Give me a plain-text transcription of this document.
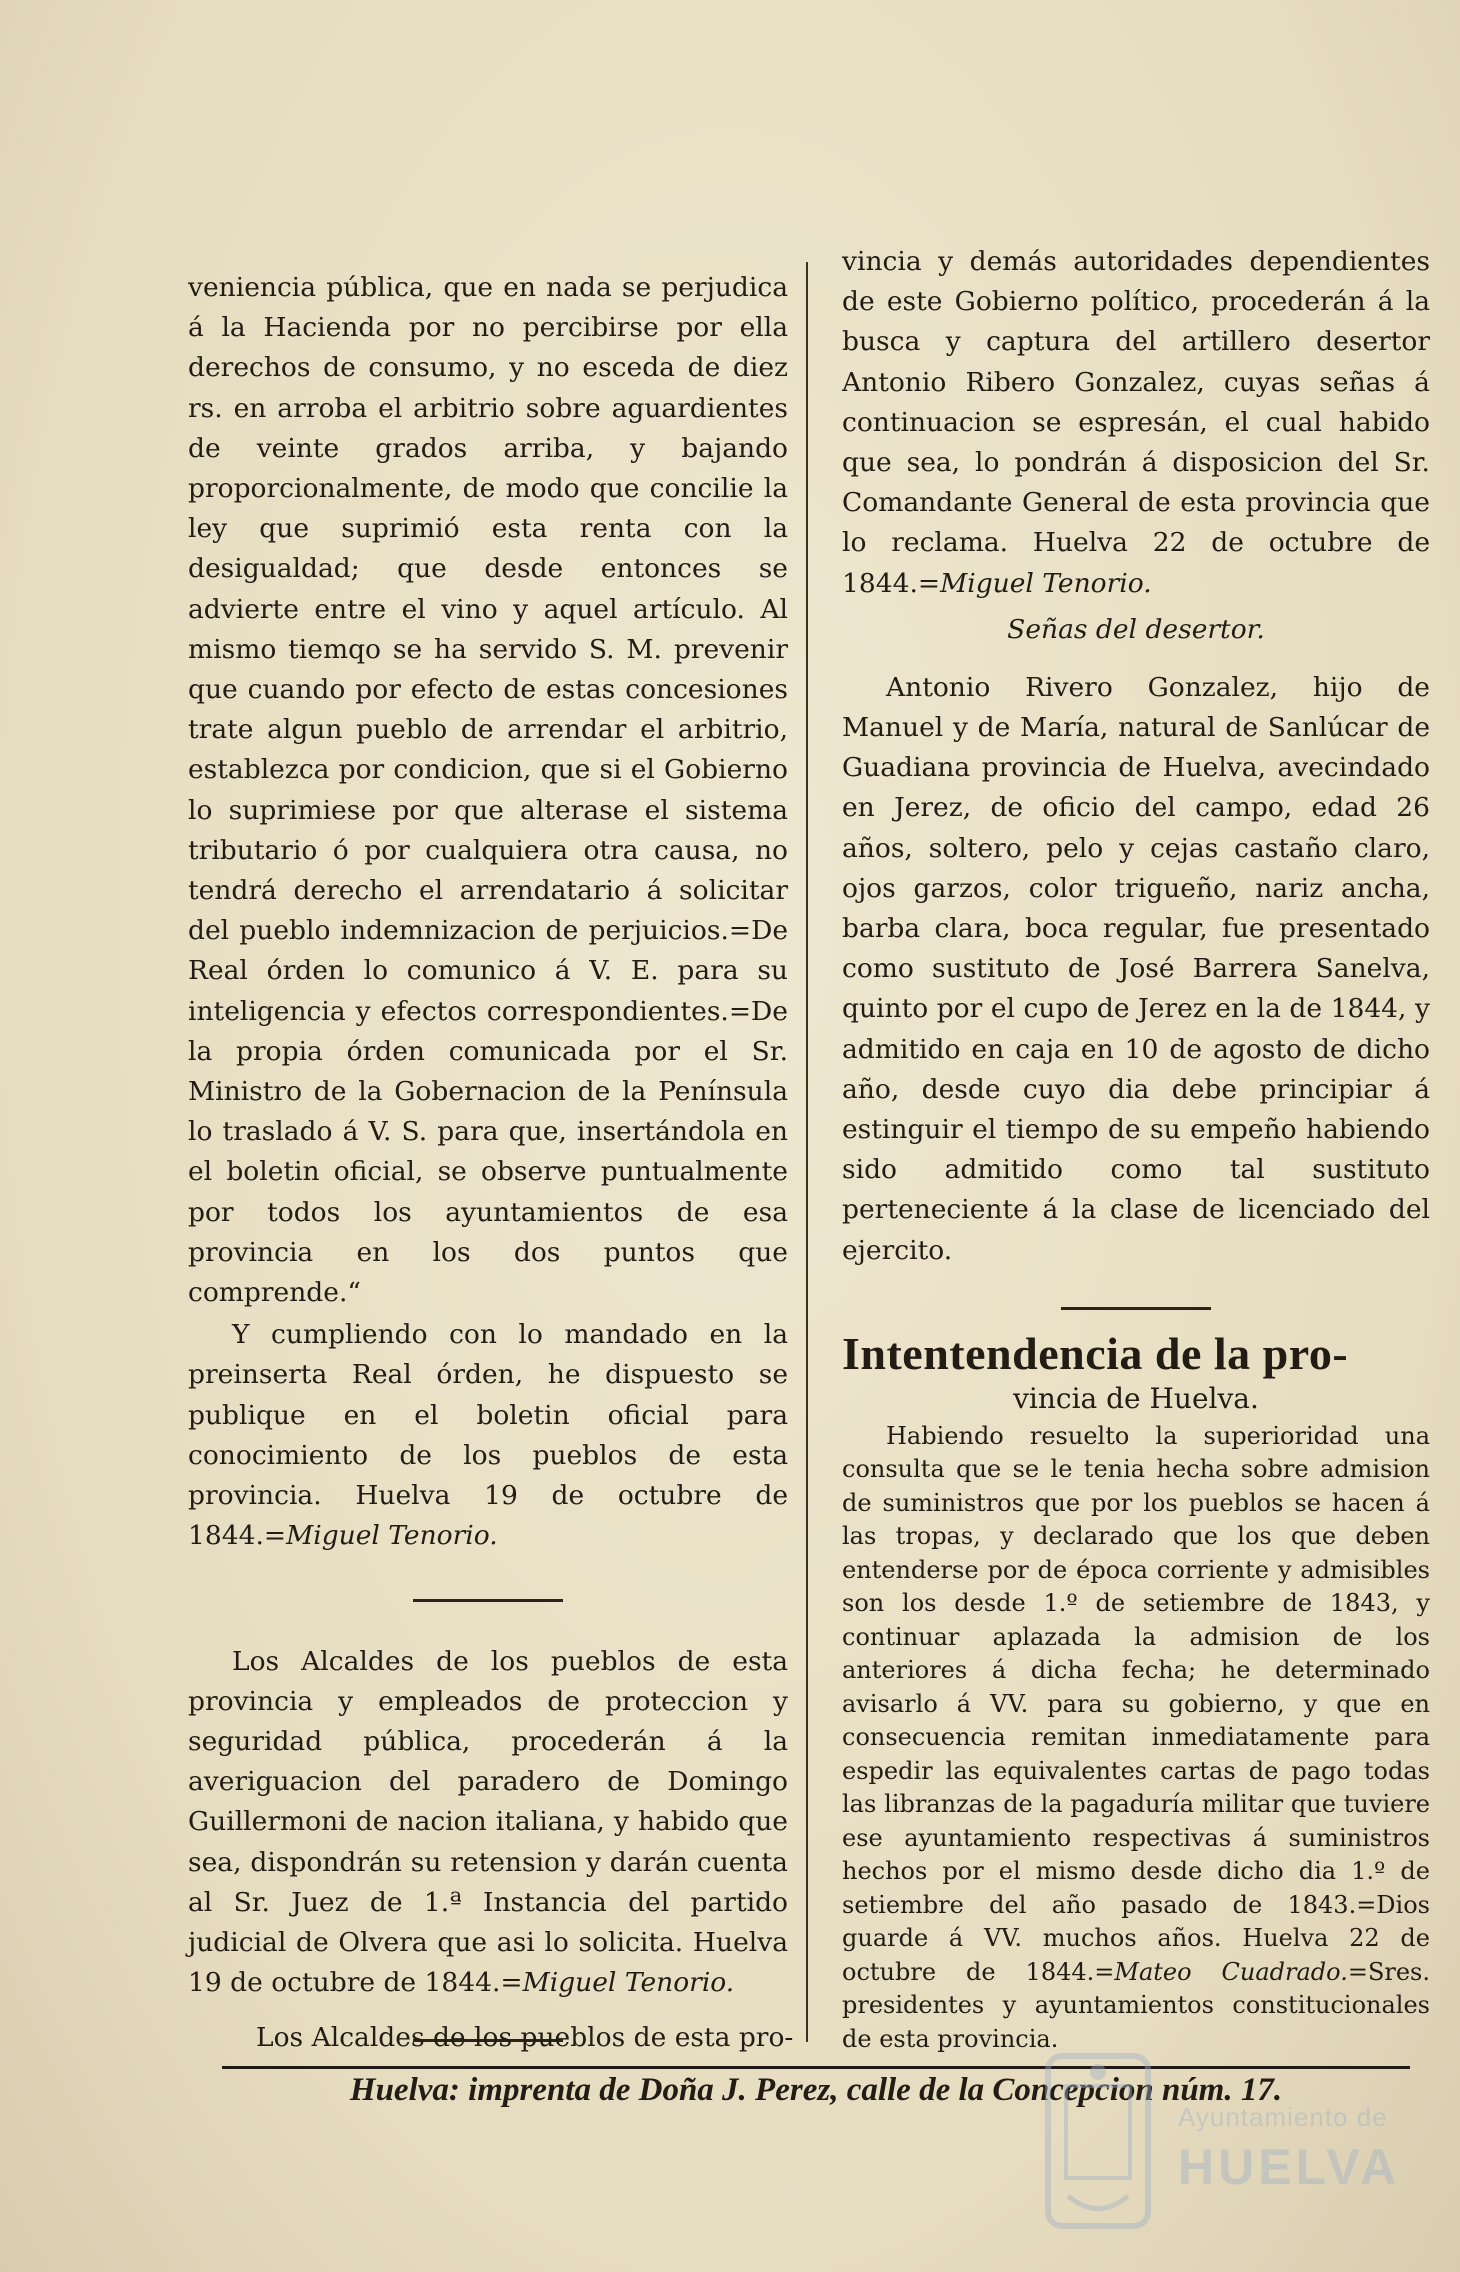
veniencia pública, que en nada se perjudica á la Hacienda por no percibirse por ella derechos de consumo, y no esceda de diez rs. en arroba el arbitrio sobre aguardientes de veinte grados arriba, y bajando proporcionalmente, de modo que concilie la ley que suprimió esta renta con la desigualdad; que desde entonces se advierte entre el vino y aquel artículo. Al mismo tiemqo se ha servido S. M. prevenir que cuando por efecto de estas concesiones trate algun pueblo de arrendar el arbitrio, establezca por condicion, que si el Gobierno lo suprimiese por que alterase el sistema tributario ó por cualquiera otra causa, no tendrá derecho el arrendatario á solicitar del pueblo indemnizacion de perjuicios.=De Real órden lo comunico á V. E. para su inteligencia y efectos correspondientes.=De la propia órden comunicada por el Sr. Ministro de la Gobernacion de la Península lo traslado á V. S. para que, insertándola en el boletin oficial, se observe puntualmente por todos los ayuntamientos de esa provincia en los dos puntos que comprende.“

Y cumpliendo con lo mandado en la preinserta Real órden, he dispuesto se publique en el boletin oficial para conocimiento de los pueblos de esta provincia. Huelva 19 de octubre de 1844.=Miguel Tenorio.

Los Alcaldes de los pueblos de esta provincia y empleados de proteccion y seguridad pública, procederán á la averiguacion del paradero de Domingo Guillermoni de nacion italiana, y habido que sea, dispondrán su retension y darán cuenta al Sr. Juez de 1.ª Instancia del partido judicial de Olvera que asi lo solicita. Huelva 19 de octubre de 1844.=Miguel Tenorio.

Los Alcaldes de los pueblos de esta pro-

vincia y demás autoridades dependientes de este Gobierno político, procederán á la busca y captura del artillero desertor Antonio Ribero Gonzalez, cuyas señas á continuacion se espresán, el cual habido que sea, lo pondrán á disposicion del Sr. Comandante General de esta provincia que lo reclama. Huelva 22 de octubre de 1844.=Miguel Tenorio.

Señas del desertor.

Antonio Rivero Gonzalez, hijo de Manuel y de María, natural de Sanlúcar de Guadiana provincia de Huelva, avecindado en Jerez, de oficio del campo, edad 26 años, soltero, pelo y cejas castaño claro, ojos garzos, color trigueño, nariz ancha, barba clara, boca regular, fue presentado como sustituto de José Barrera Sanelva, quinto por el cupo de Jerez en la de 1844, y admitido en caja en 10 de agosto de dicho año, desde cuyo dia debe principiar á estinguir el tiempo de su empeño habiendo sido admitido como tal sustituto perteneciente á la clase de licenciado del ejercito.

Intentendencia de la pro-
vincia de Huelva.

Habiendo resuelto la superioridad una consulta que se le tenia hecha sobre admision de suministros que por los pueblos se hacen á las tropas, y declarado que los que deben entenderse por de época corriente y admisibles son los desde 1.º de setiembre de 1843, y continuar aplazada la admision de los anteriores á dicha fecha; he determinado avisarlo á VV. para su gobierno, y que en consecuencia remitan inmediatamente para espedir las equivalentes cartas de pago todas las libranzas de la pagaduría militar que tuviere ese ayuntamiento respectivas á suministros hechos por el mismo desde dicho dia 1.º de setiembre del año pasado de 1843.=Dios guarde á VV. muchos años. Huelva 22 de octubre de 1844.=Mateo Cuadrado.=Sres. presidentes y ayuntamientos constitucionales de esta provincia.

Huelva: imprenta de Doña J. Perez, calle de la Concepcion núm. 17.
Ayuntamiento de
HUELVA
